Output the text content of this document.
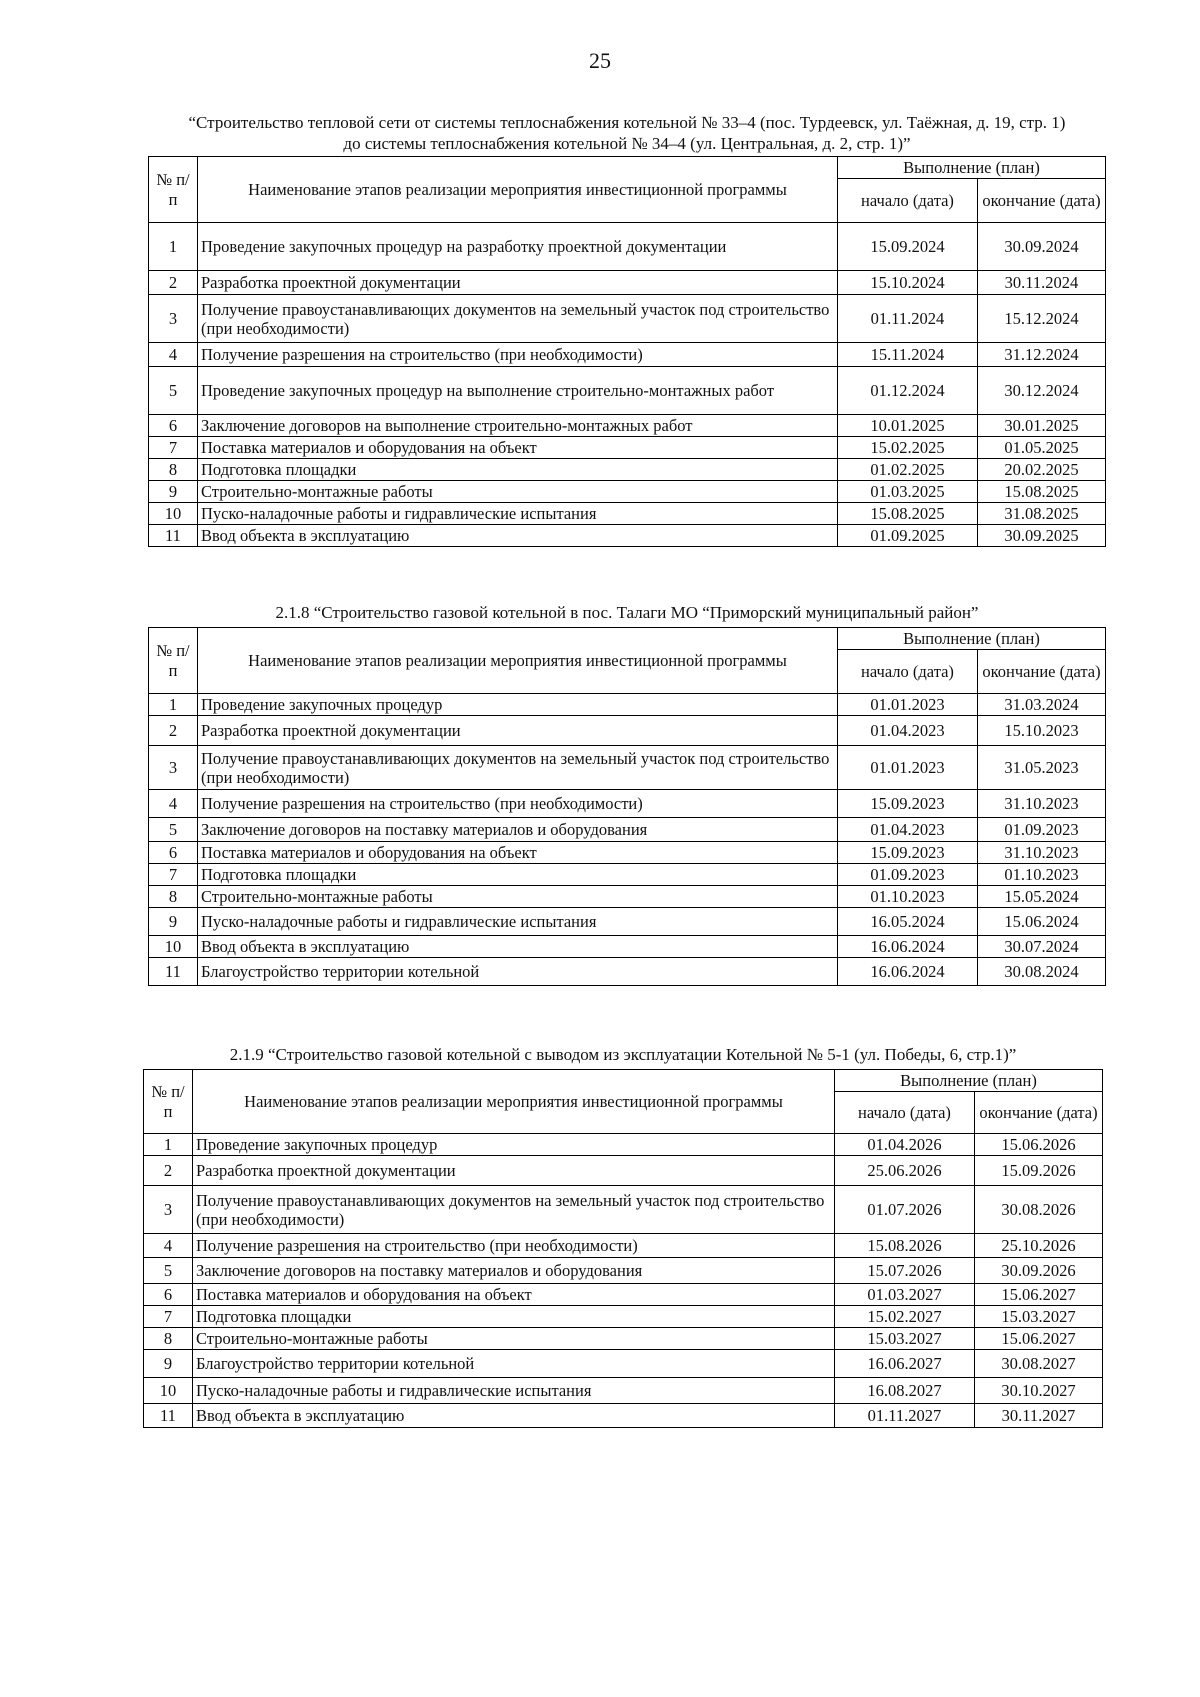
25
“Строительство тепловой сети от системы теплоснабжения котельной № 33–4 (пос. Турдеевск, ул. Таёжная, д. 19, стр. 1) до системы теплоснабжения котельной № 34–4 (ул. Центральная, д. 2, стр. 1)”
№ п/п	Наименование этапов реализации мероприятия инвестиционной программы	Выполнение (план)	
		начало (дата)	окончание (дата)
1	Проведение закупочных процедур на разработку проектной документации	15.09.2024	30.09.2024
2	Разработка проектной документации	15.10.2024	30.11.2024
3	Получение правоустанавливающих документов на земельный участок под строительство (при необходимости)	01.11.2024	15.12.2024
4	Получение разрешения на строительство (при необходимости)	15.11.2024	31.12.2024
5	Проведение закупочных процедур на выполнение строительно-монтажных работ	01.12.2024	30.12.2024
6	Заключение договоров на выполнение строительно-монтажных работ	10.01.2025	30.01.2025
7	Поставка материалов и оборудования на объект	15.02.2025	01.05.2025
8	Подготовка площадки	01.02.2025	20.02.2025
9	Строительно-монтажные работы	01.03.2025	15.08.2025
10	Пуско-наладочные работы и гидравлические испытания	15.08.2025	31.08.2025
11	Ввод объекта в эксплуатацию	01.09.2025	30.09.2025
2.1.8 “Строительство газовой котельной в пос. Талаги МО “Приморский муниципальный район”
№ п/п	Наименование этапов реализации мероприятия инвестиционной программы	Выполнение (план)	
		начало (дата)	окончание (дата)
1	Проведение закупочных процедур	01.01.2023	31.03.2024
2	Разработка проектной документации	01.04.2023	15.10.2023
3	Получение правоустанавливающих документов на земельный участок под строительство (при необходимости)	01.01.2023	31.05.2023
4	Получение разрешения на строительство (при необходимости)	15.09.2023	31.10.2023
5	Заключение договоров на поставку материалов и оборудования	01.04.2023	01.09.2023
6	Поставка материалов и оборудования на объект	15.09.2023	31.10.2023
7	Подготовка площадки	01.09.2023	01.10.2023
8	Строительно-монтажные работы	01.10.2023	15.05.2024
9	Пуско-наладочные работы и гидравлические испытания	16.05.2024	15.06.2024
10	Ввод объекта в эксплуатацию	16.06.2024	30.07.2024
11	Благоустройство территории котельной	16.06.2024	30.08.2024
2.1.9 “Строительство газовой котельной с выводом из эксплуатации Котельной № 5-1 (ул. Победы, 6, стр.1)”
№ п/п	Наименование этапов реализации мероприятия инвестиционной программы	Выполнение (план)	
		начало (дата)	окончание (дата)
1	Проведение закупочных процедур	01.04.2026	15.06.2026
2	Разработка проектной документации	25.06.2026	15.09.2026
3	Получение правоустанавливающих документов на земельный участок под строительство (при необходимости)	01.07.2026	30.08.2026
4	Получение разрешения на строительство (при необходимости)	15.08.2026	25.10.2026
5	Заключение договоров на поставку материалов и оборудования	15.07.2026	30.09.2026
6	Поставка материалов и оборудования на объект	01.03.2027	15.06.2027
7	Подготовка площадки	15.02.2027	15.03.2027
8	Строительно-монтажные работы	15.03.2027	15.06.2027
9	Благоустройство территории котельной	16.06.2027	30.08.2027
10	Пуско-наладочные работы и гидравлические испытания	16.08.2027	30.10.2027
11	Ввод объекта в эксплуатацию	01.11.2027	30.11.2027
